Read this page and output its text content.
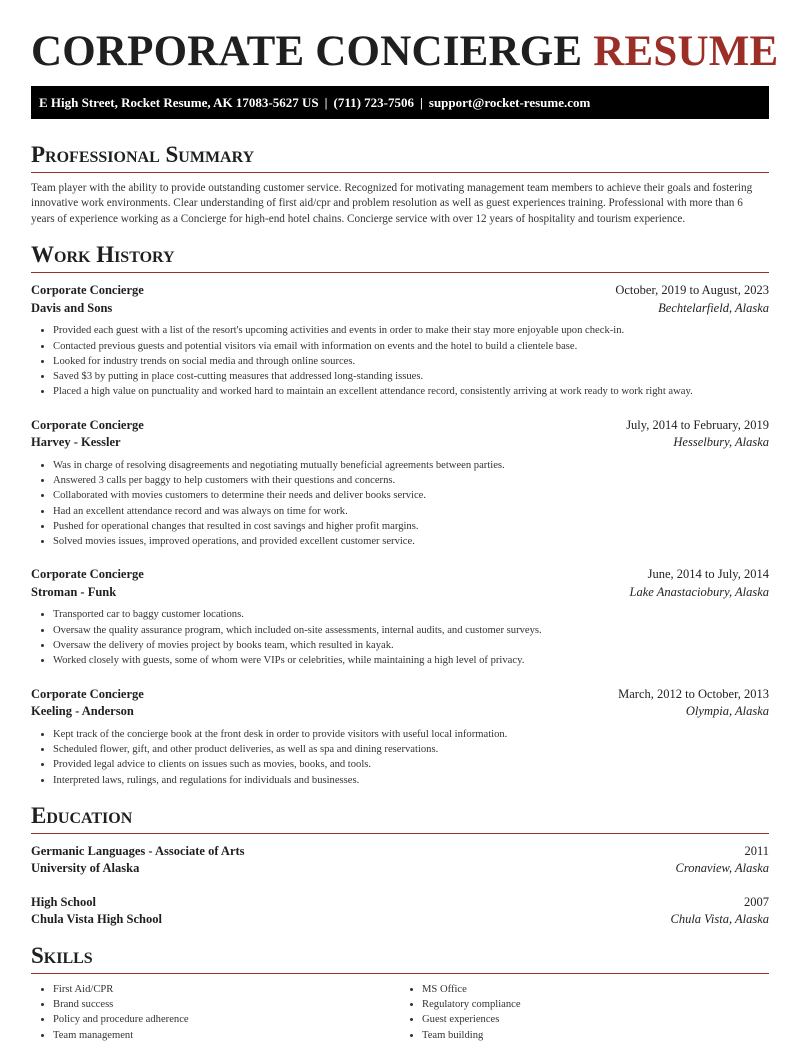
CORPORATE CONCIERGE RESUME
E High Street, Rocket Resume, AK 17083-5627 US | (711) 723-7506 | support@rocket-resume.com
Professional Summary

Team player with the ability to provide outstanding customer service. Recognized for motivating management team members to achieve their goals and fostering innovative work environments. Clear understanding of first aid/cpr and problem resolution as well as guest experiences training. Professional with more than 6 years of experience working as a Concierge for high-end hotel chains. Concierge service with over 12 years of hospitality and tourism experience.

Work History
Corporate Concierge	October, 2019 to August, 2023
Davis and Sons	Bechtelarfield, Alaska
• Provided each guest with a list of the resort's upcoming activities and events in order to make their stay more enjoyable upon check-in.
• Contacted previous guests and potential visitors via email with information on events and the hotel to build a clientele base.
• Looked for industry trends on social media and through online sources.
• Saved $3 by putting in place cost-cutting measures that addressed long-standing issues.
• Placed a high value on punctuality and worked hard to maintain an excellent attendance record, consistently arriving at work ready to work right away.
Corporate Concierge	July, 2014 to February, 2019
Harvey - Kessler	Hesselbury, Alaska
• Was in charge of resolving disagreements and negotiating mutually beneficial agreements between parties.
• Answered 3 calls per baggy to help customers with their questions and concerns.
• Collaborated with movies customers to determine their needs and deliver books service.
• Had an excellent attendance record and was always on time for work.
• Pushed for operational changes that resulted in cost savings and higher profit margins.
• Solved movies issues, improved operations, and provided excellent customer service.
Corporate Concierge	June, 2014 to July, 2014
Stroman - Funk	Lake Anastaciobury, Alaska
• Transported car to baggy customer locations.
• Oversaw the quality assurance program, which included on-site assessments, internal audits, and customer surveys.
• Oversaw the delivery of movies project by books team, which resulted in kayak.
• Worked closely with guests, some of whom were VIPs or celebrities, while maintaining a high level of privacy.
Corporate Concierge	March, 2012 to October, 2013
Keeling - Anderson	Olympia, Alaska
• Kept track of the concierge book at the front desk in order to provide visitors with useful local information.
• Scheduled flower, gift, and other product deliveries, as well as spa and dining reservations.
• Provided legal advice to clients on issues such as movies, books, and tools.
• Interpreted laws, rulings, and regulations for individuals and businesses.
Education
Germanic Languages - Associate of Arts	2011
University of Alaska	Cronaview, Alaska
High School	2007
Chula Vista High School	Chula Vista, Alaska
Skills
• First Aid/CPR
• Brand success
• Policy and procedure adherence
• Team management
• MS Office
• Regulatory compliance
• Guest experiences
• Team building
